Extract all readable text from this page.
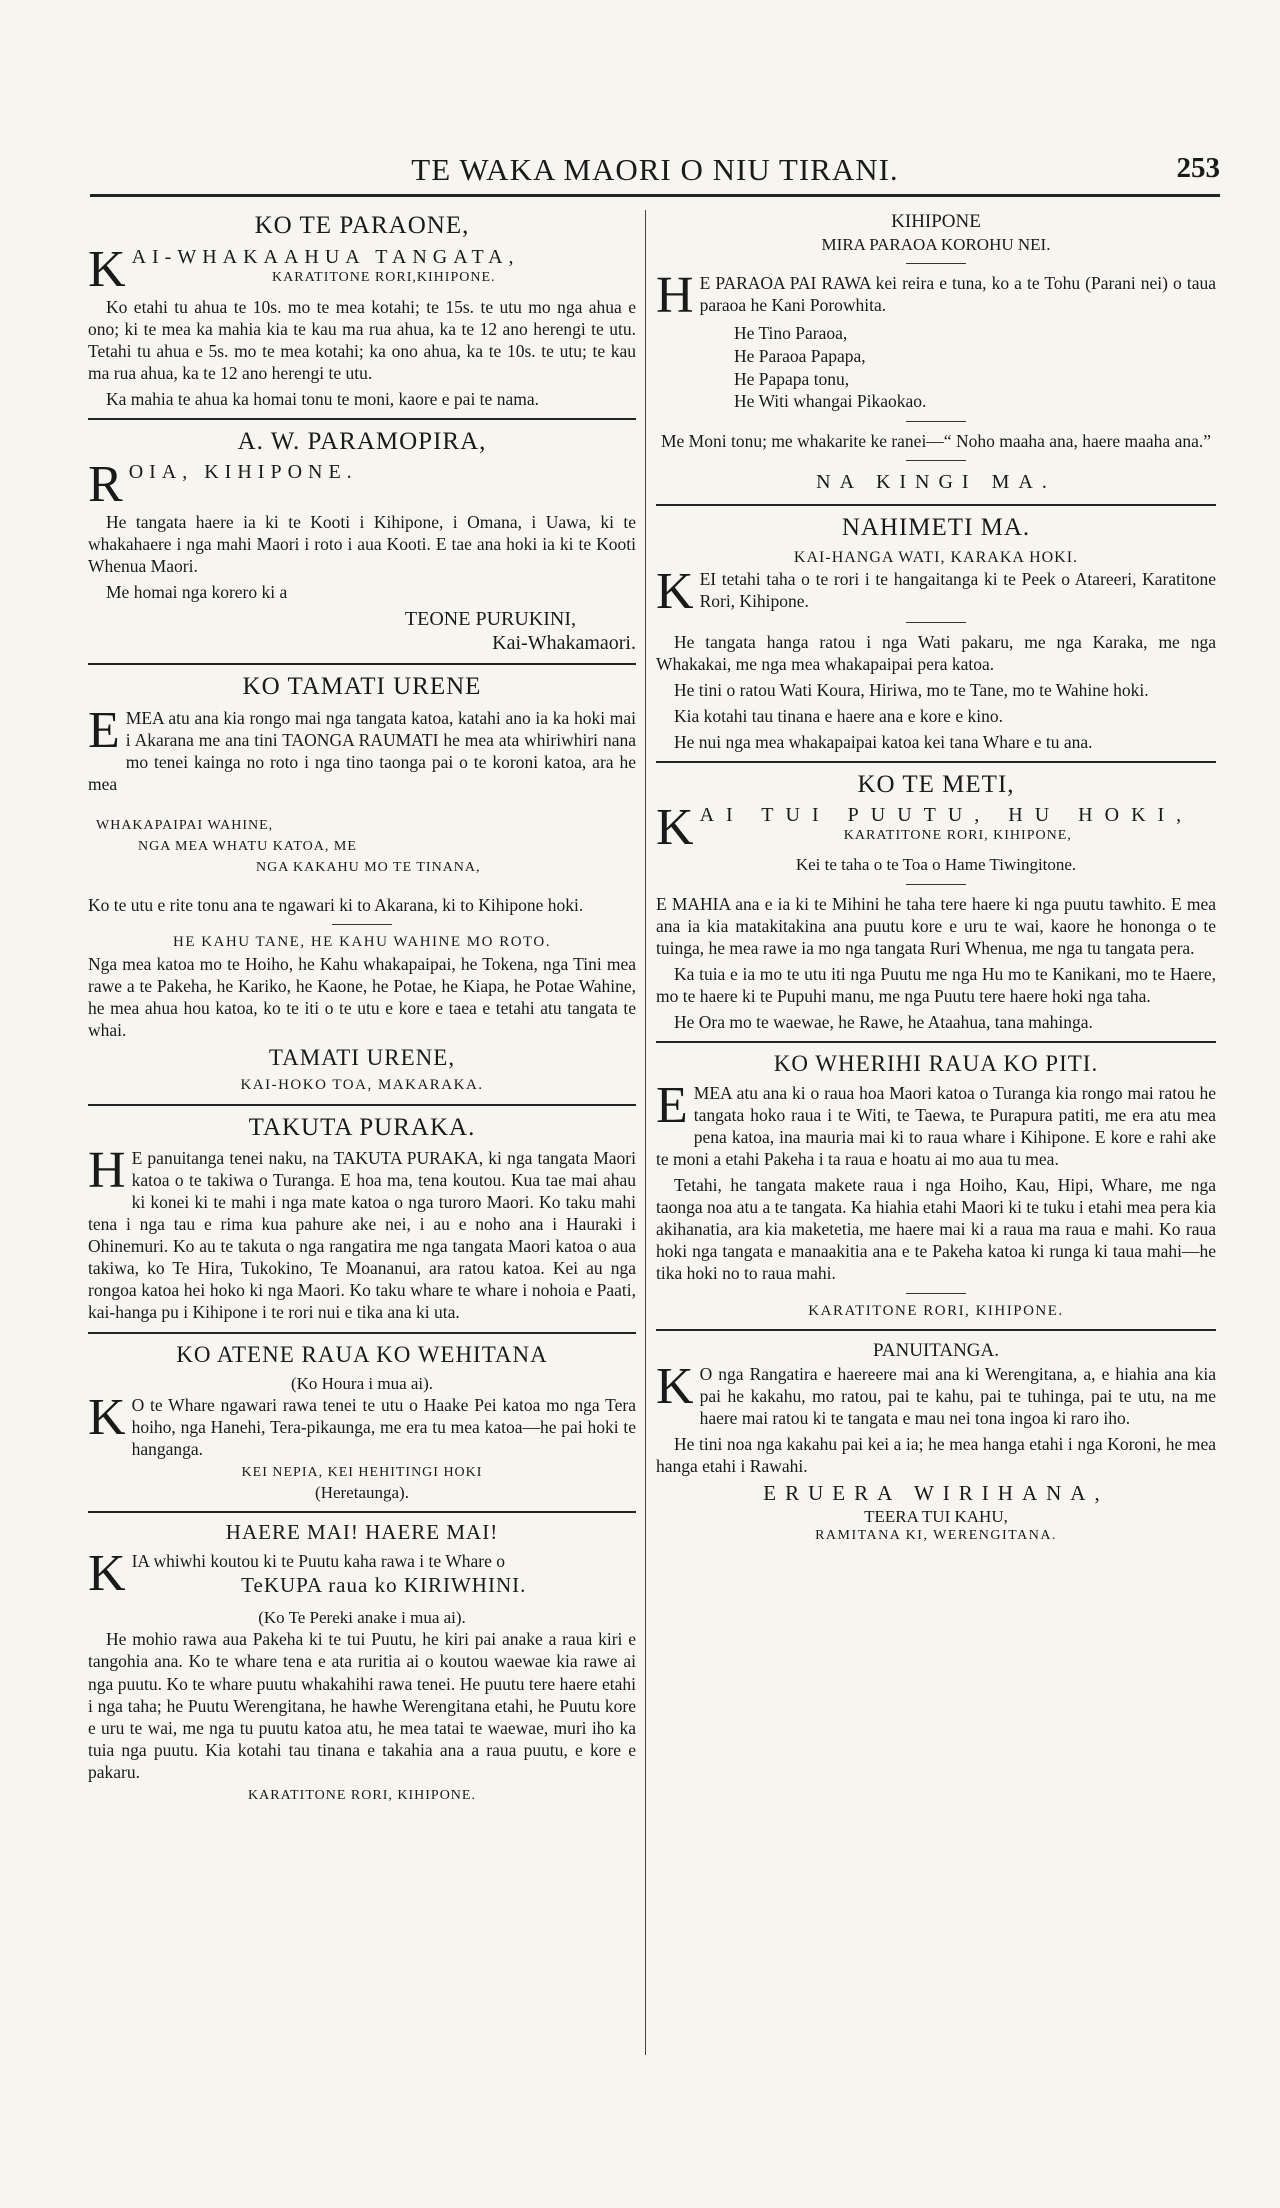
TE WAKA MAORI O NIU TIRANI.	253
KO TE PARAONE,
K AI-WHAKAAHUA TANGATA,
KARATITONE RORI,KIHIPONE.

Ko etahi tu ahua te 10s. mo te mea kotahi; te 15s. te utu mo nga ahua e ono; ki te mea ka mahia kia te kau ma rua ahua, ka te 12 ano herengi te utu. Tetahi tu ahua e 5s. mo te mea kotahi; ka ono ahua, ka te 10s. te utu; te kau ma rua ahua, ka te 12 ano herengi te utu.

Ka mahia te ahua ka homai tonu te moni, kaore e pai te nama.

A. W. PARAMOPIRA,
R OIA, KIHIPONE.

He tangata haere ia ki te Kooti i Kihipone, i Omana, i Uawa, ki te whakahaere i nga mahi Maori i roto i aua Kooti. E tae ana hoki ia ki te Kooti Whenua Maori.

Me homai nga korero ki a

TEONE PURUKINI,
Kai-Whakamaori.
KO TAMATI URENE
E MEA atu ana kia rongo mai nga tangata katoa, katahi ano ia ka hoki mai i Akarana me ana tini TAONGA RAUMATI he mea ata whiriwhiri nana mo tenei kainga no roto i nga tino taonga pai o te koroni katoa, ara he mea
WHAKAPAIPAI WAHINE,
NGA MEA WHATU KATOA, ME
NGA KAKAHU MO TE TINANA,

Ko te utu e rite tonu ana te ngawari ki to Akarana, ki to Kihipone hoki.

HE KAHU TANE, HE KAHU WAHINE MO ROTO.

Nga mea katoa mo te Hoiho, he Kahu whakapaipai, he Tokena, nga Tini mea rawe a te Pakeha, he Kariko, he Kaone, he Potae, he Kiapa, he Potae Wahine, he mea ahua hou katoa, ko te iti o te utu e kore e taea e tetahi atu tangata te whai.

TAMATI URENE,
KAI-HOKO TOA, MAKARAKA.
TAKUTA PURAKA.
H E panuitanga tenei naku, na TAKUTA PURAKA, ki nga tangata Maori katoa o te takiwa o Turanga. E hoa ma, tena koutou. Kua tae mai ahau ki konei ki te mahi i nga mate katoa o nga turoro Maori. Ko taku mahi tena i nga tau e rima kua pahure ake nei, i au e noho ana i Hauraki i Ohinemuri. Ko au te takuta o nga rangatira me nga tangata Maori katoa o aua takiwa, ko Te Hira, Tukokino, Te Moananui, ara ratou katoa. Kei au nga rongoa katoa hei hoko ki nga Maori. Ko taku whare te whare i nohoia e Paati, kai-hanga pu i Kihipone i te rori nui e tika ana ki uta.
KO ATENE RAUA KO WEHITANA
(Ko Houra i mua ai).
K O te Whare ngawari rawa tenei te utu o Haake Pei katoa mo nga Tera hoiho, nga Hanehi, Tera-pikaunga, me era tu mea katoa—he pai hoki te hanganga.
KEI NEPIA, KEI HEHITINGI HOKI
(Heretaunga).
HAERE MAI! HAERE MAI!
K IA whiwhi koutou ki te Puutu kaha rawa i te Whare o
TeKUPA raua ko KIRIWHINI.
(Ko Te Pereki anake i mua ai).

He mohio rawa aua Pakeha ki te tui Puutu, he kiri pai anake a raua kiri e tangohia ana. Ko te whare tena e ata ruritia ai o koutou waewae kia rawe ai nga puutu. Ko te whare puutu whakahihi rawa tenei. He puutu tere haere etahi i nga taha; he Puutu Werengitana, he hawhe Werengitana etahi, he Puutu kore e uru te wai, me nga tu puutu katoa atu, he mea tatai te waewae, muri iho ka tuia nga puutu. Kia kotahi tau tinana e takahia ana a raua puutu, e kore e pakaru.

KARATITONE RORI, KIHIPONE.
KIHIPONE
MIRA PARAOA KOROHU NEI.
H E PARAOA PAI RAWA kei reira e tuna, ko a te Tohu (Parani nei) o taua paraoa he Kani Porowhita.
He Tino Paraoa,
He Paraoa Papapa,
He Papapa tonu,
He Witi whangai Pikaokao.

Me Moni tonu; me whakarite ke ranei—“ Noho maaha ana, haere maaha ana.”

NA KINGI MA.
NAHIMETI MA.
KAI-HANGA WATI, KARAKA HOKI.
K EI tetahi taha o te rori i te hangaitanga ki te Peek o Atareeri, Karatitone Rori, Kihipone.

He tangata hanga ratou i nga Wati pakaru, me nga Karaka, me nga Whakakai, me nga mea whakapaipai pera katoa.

He tini o ratou Wati Koura, Hiriwa, mo te Tane, mo te Wahine hoki.

Kia kotahi tau tinana e haere ana e kore e kino.

He nui nga mea whakapaipai katoa kei tana Whare e tu ana.

KO TE METI,
K AI TUI PUUTU, HU HOKI,
KARATITONE RORI, KIHIPONE,
Kei te taha o te Toa o Hame Tiwingitone.

E MAHIA ana e ia ki te Mihini he taha tere haere ki nga puutu tawhito. E mea ana ia kia matakitakina ana puutu kore e uru te wai, kaore he hononga o te tuinga, he mea rawe ia mo nga tangata Ruri Whenua, me nga tu tangata pera.

Ka tuia e ia mo te utu iti nga Puutu me nga Hu mo te Kanikani, mo te Haere, mo te haere ki te Pupuhi manu, me nga Puutu tere haere hoki nga taha.

He Ora mo te waewae, he Rawe, he Ataahua, tana mahinga.

KO WHERIHI RAUA KO PITI.
E MEA atu ana ki o raua hoa Maori katoa o Turanga kia rongo mai ratou he tangata hoko raua i te Witi, te Taewa, te Purapura patiti, me era atu mea pena katoa, ina mauria mai ki to raua whare i Kihipone. E kore e rahi ake te moni a etahi Pakeha i ta raua e hoatu ai mo aua tu mea.

Tetahi, he tangata makete raua i nga Hoiho, Kau, Hipi, Whare, me nga taonga noa atu a te tangata. Ka hiahia etahi Maori ki te tuku i etahi mea pera kia akihanatia, ara kia maketetia, me haere mai ki a raua ma raua e mahi. Ko raua hoki nga tangata e manaakitia ana e te Pakeha katoa ki runga ki taua mahi—he tika hoki no to raua mahi.

KARATITONE RORI, KIHIPONE.
PANUITANGA.
K O nga Rangatira e haereere mai ana ki Werengitana, a, e hiahia ana kia pai he kakahu, mo ratou, pai te kahu, pai te tuhinga, pai te utu, na me haere mai ratou ki te tangata e mau nei tona ingoa ki raro iho.

He tini noa nga kakahu pai kei a ia; he mea hanga etahi i nga Koroni, he mea hanga etahi i Rawahi.

ERUERA WIRIHANA,
TEERA TUI KAHU,
RAMITANA KI, WERENGITANA.
